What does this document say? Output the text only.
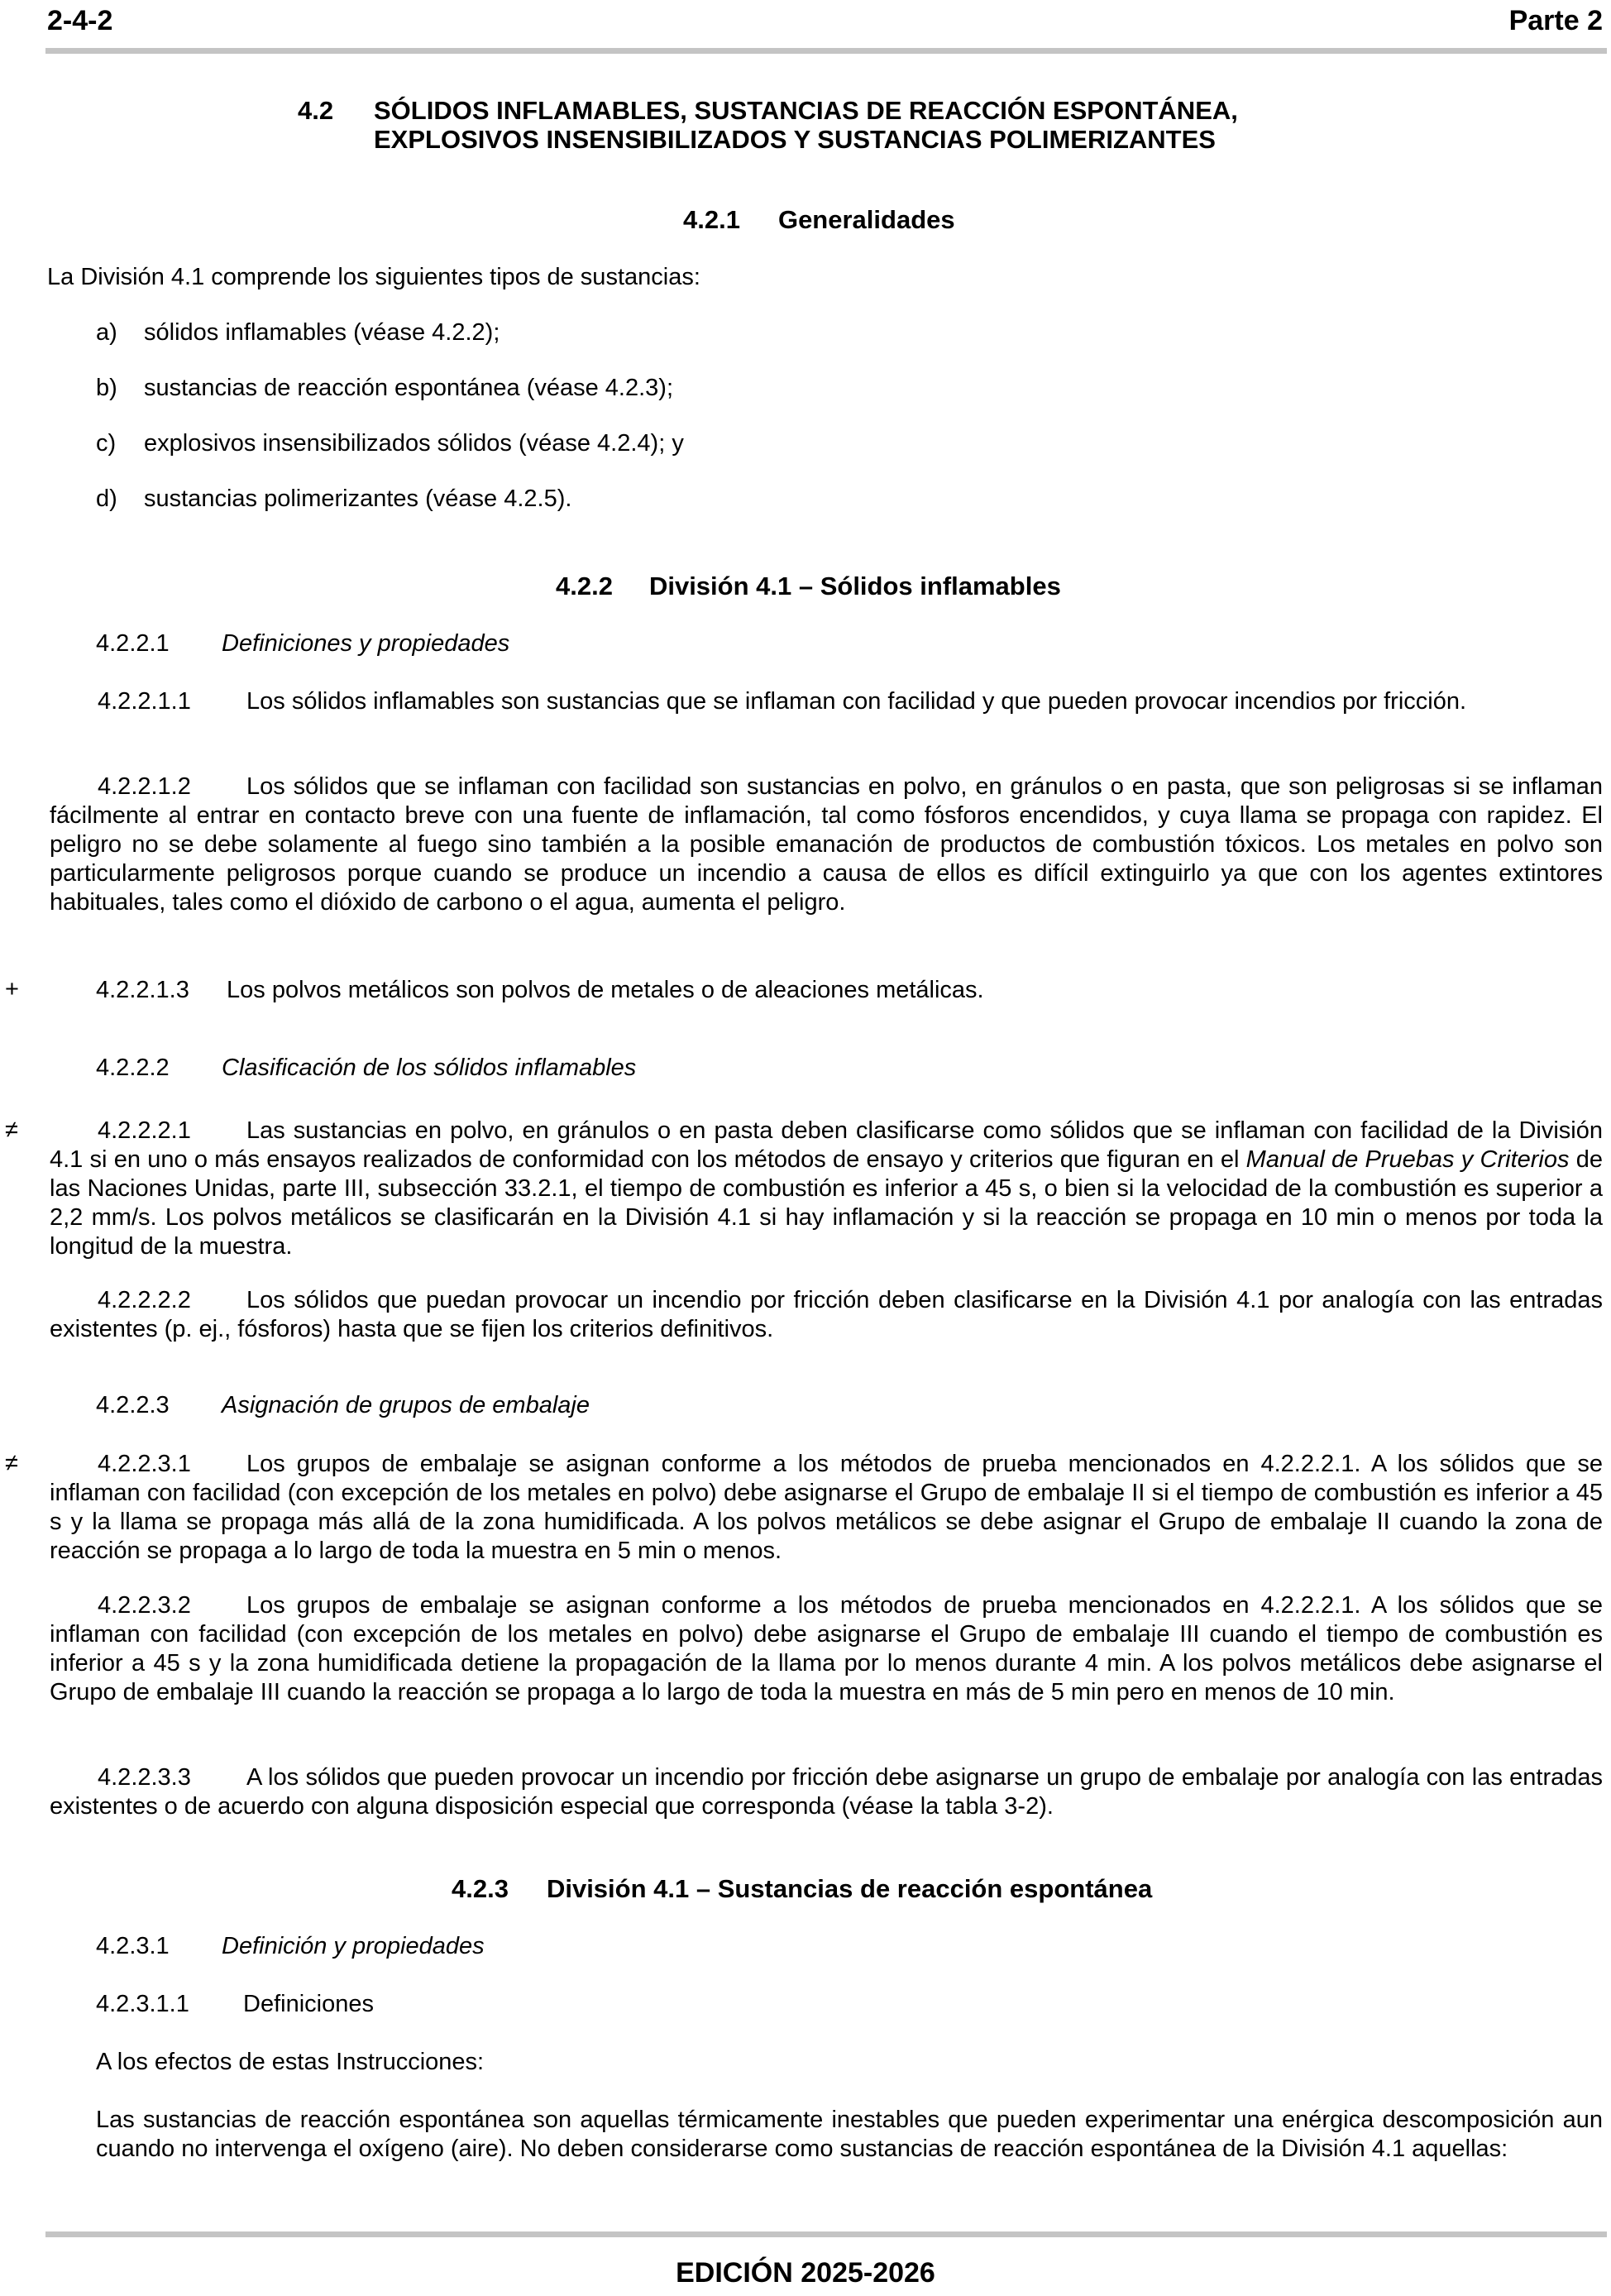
2-4-2	Parte 2
4.2 SÓLIDOS INFLAMABLES, SUSTANCIAS DE REACCIÓN ESPONTÁNEA,
EXPLOSIVOS INSENSIBILIZADOS Y SUSTANCIAS POLIMERIZANTES
4.2.1 Generalidades
La División 4.1 comprende los siguientes tipos de sustancias:
a) sólidos inflamables (véase 4.2.2);
b) sustancias de reacción espontánea (véase 4.2.3);
c) explosivos insensibilizados sólidos (véase 4.2.4); y
d) sustancias polimerizantes (véase 4.2.5).
4.2.2 División 4.1 – Sólidos inflamables
4.2.2.1 Definiciones y propiedades

4.2.2.1.1 Los sólidos inflamables son sustancias que se inflaman con facilidad y que pueden provocar incendios por fricción.

4.2.2.1.2 Los sólidos que se inflaman con facilidad son sustancias en polvo, en gránulos o en pasta, que son peligrosas si se inflaman fácilmente al entrar en contacto breve con una fuente de inflamación, tal como fósforos encendidos, y cuya llama se propaga con rapidez. El peligro no se debe solamente al fuego sino también a la posible emanación de productos de combustión tóxicos. Los metales en polvo son particularmente peligrosos porque cuando se produce un incendio a causa de ellos es difícil extinguirlo ya que con los agentes extintores habituales, tales como el dióxido de carbono o el agua, aumenta el peligro.

+	4.2.2.1.3 Los polvos metálicos son polvos de metales o de aleaciones metálicas.
4.2.2.2 Clasificación de los sólidos inflamables
≠	4.2.2.2.1 Las sustancias en polvo, en gránulos o en pasta deben clasificarse como sólidos que se inflaman con facilidad de la División 4.1 si en uno o más ensayos realizados de conformidad con los métodos de ensayo y criterios que figuran en el Manual de Pruebas y Criterios de las Naciones Unidas, parte III, subsección 33.2.1, el tiempo de combustión es inferior a 45 s, o bien si la velocidad de la combustión es superior a 2,2 mm/s. Los polvos metálicos se clasificarán en la División 4.1 si hay inflamación y si la reacción se propaga en 10 min o menos por toda la longitud de la muestra.

4.2.2.2.2 Los sólidos que puedan provocar un incendio por fricción deben clasificarse en la División 4.1 por analogía con las entradas existentes (p. ej., fósforos) hasta que se fijen los criterios definitivos.

4.2.2.3 Asignación de grupos de embalaje
≠	4.2.2.3.1 Los grupos de embalaje se asignan conforme a los métodos de prueba mencionados en 4.2.2.2.1. A los sólidos que se inflaman con facilidad (con excepción de los metales en polvo) debe asignarse el Grupo de embalaje II si el tiempo de combustión es inferior a 45 s y la llama se propaga más allá de la zona humidificada. A los polvos metálicos se debe asignar el Grupo de embalaje II cuando la zona de reacción se propaga a lo largo de toda la muestra en 5 min o menos.

4.2.2.3.2 Los grupos de embalaje se asignan conforme a los métodos de prueba mencionados en 4.2.2.2.1. A los sólidos que se inflaman con facilidad (con excepción de los metales en polvo) debe asignarse el Grupo de embalaje III cuando el tiempo de combustión es inferior a 45 s y la zona humidificada detiene la propagación de la llama por lo menos durante 4 min. A los polvos metálicos debe asignarse el Grupo de embalaje III cuando la reacción se propaga a lo largo de toda la muestra en más de 5 min pero en menos de 10 min.

4.2.2.3.3 A los sólidos que pueden provocar un incendio por fricción debe asignarse un grupo de embalaje por analogía con las entradas existentes o de acuerdo con alguna disposición especial que corresponda (véase la tabla 3-2).

4.2.3 División 4.1 – Sustancias de reacción espontánea
4.2.3.1 Definición y propiedades
4.2.3.1.1 Definiciones
A los efectos de estas Instrucciones:

Las sustancias de reacción espontánea son aquellas térmicamente inestables que pueden experimentar una enérgica descomposición aun cuando no intervenga el oxígeno (aire). No deben considerarse como sustancias de reacción espontánea de la División 4.1 aquellas:

EDICIÓN 2025-2026
